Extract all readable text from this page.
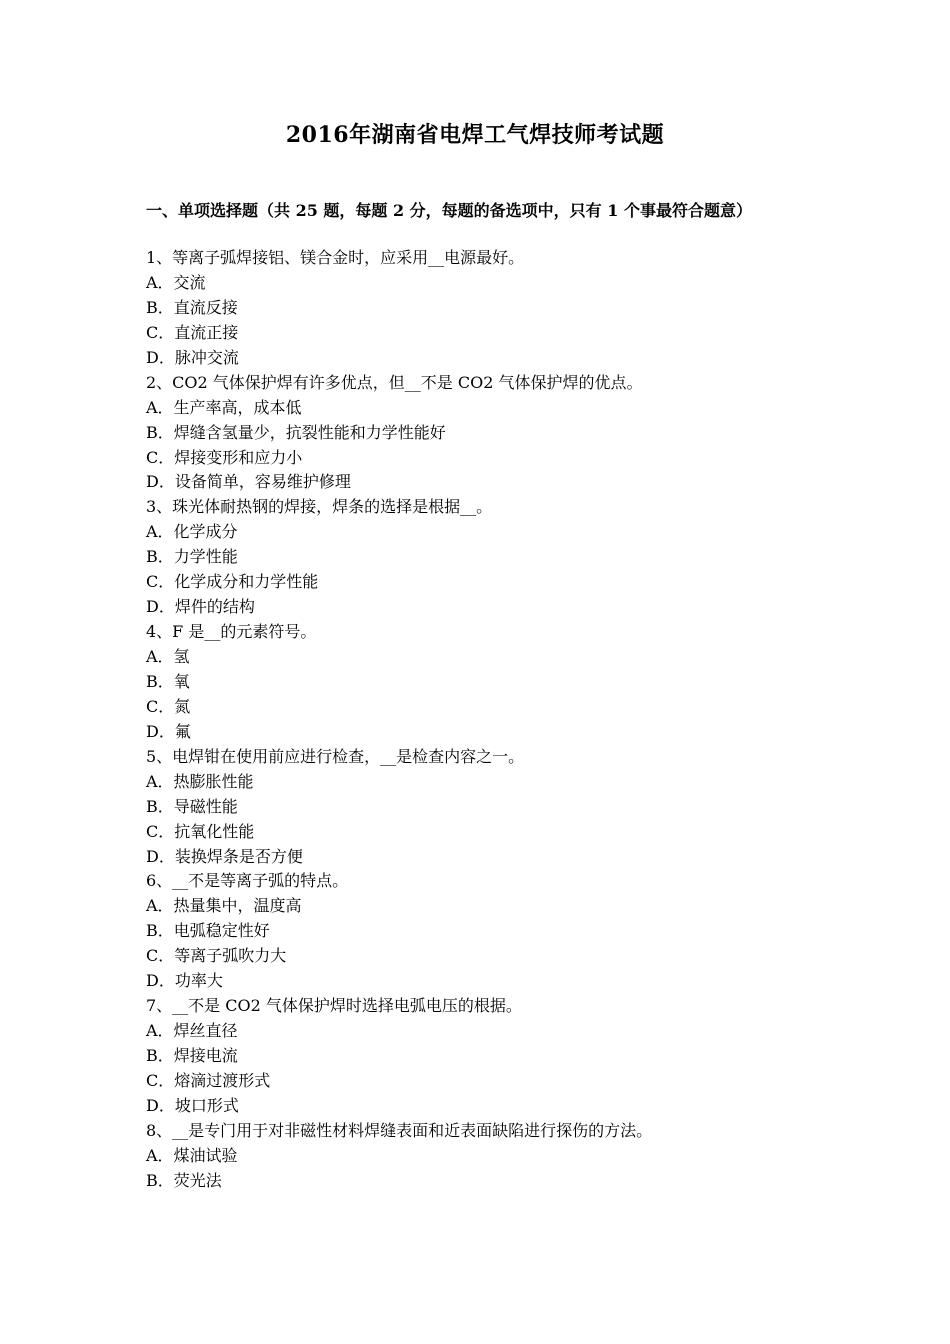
2016年湖南省电焊工气焊技师考试题
一、单项选择题（共 25 题，每题 2 分，每题的备选项中，只有 1 个事最符合题意）
1、等离子弧焊接铝、镁合金时，应采用__电源最好。
A．交流
B．直流反接
C．直流正接
D．脉冲交流
2、CO2 气体保护焊有许多优点，但__不是 CO2 气体保护焊的优点。
A．生产率高，成本低
B．焊缝含氢量少，抗裂性能和力学性能好
C．焊接变形和应力小
D．设备简单，容易维护修理
3、珠光体耐热钢的焊接，焊条的选择是根据__。
A．化学成分
B．力学性能
C．化学成分和力学性能
D．焊件的结构
4、F 是__的元素符号。
A．氢
B．氧
C．氮
D．氟
5、电焊钳在使用前应进行检查，__是检查内容之一。
A．热膨胀性能
B．导磁性能
C．抗氧化性能
D．装换焊条是否方便
6、__不是等离子弧的特点。
A．热量集中，温度高
B．电弧稳定性好
C．等离子弧吹力大
D．功率大
7、__不是 CO2 气体保护焊时选择电弧电压的根据。
A．焊丝直径
B．焊接电流
C．熔滴过渡形式
D．坡口形式
8、__是专门用于对非磁性材料焊缝表面和近表面缺陷进行探伤的方法。
A．煤油试验
B．荧光法
